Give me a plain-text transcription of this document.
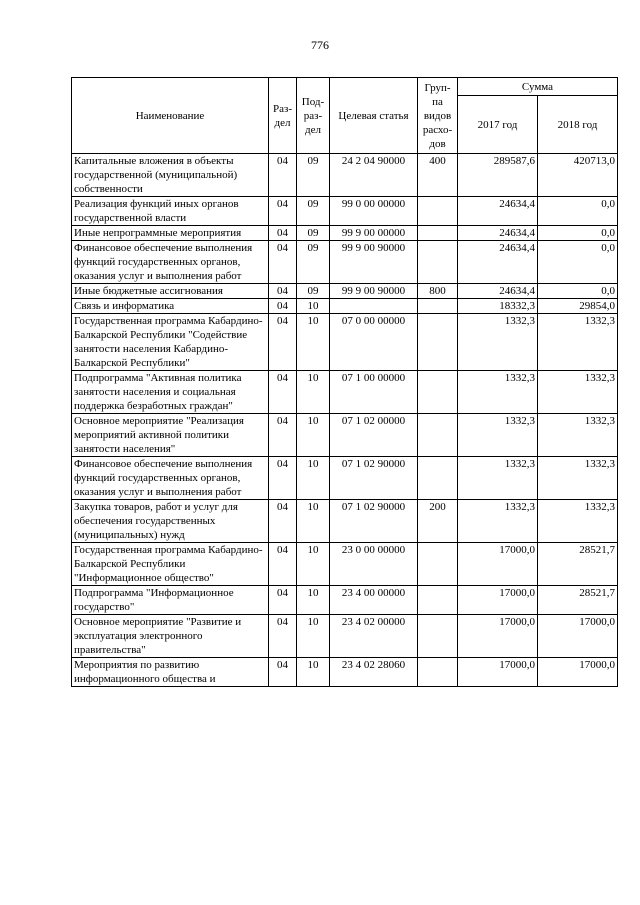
776
Наименование	Раз-дел	Под-раз-дел	Целевая статья	Груп-па видов расхо-дов	Сумма	
					2017 год	2018 год
Капитальные вложения в объекты государственной (муниципальной) собственности	04	09	24 2 04 90000	400	289587,6	420713,0
Реализация функций иных органов государственной власти	04	09	99 0 00 00000		24634,4	0,0
Иные непрограммные мероприятия	04	09	99 9 00 00000		24634,4	0,0
Финансовое обеспечение выполнения функций государственных органов, оказания услуг и выполнения работ	04	09	99 9 00 90000		24634,4	0,0
Иные бюджетные ассигнования	04	09	99 9 00 90000	800	24634,4	0,0
Связь и информатика	04	10			18332,3	29854,0
Государственная программа Кабардино-Балкарской Республики "Содействие занятости населения Кабардино-Балкарской Республики"	04	10	07 0 00 00000		1332,3	1332,3
Подпрограмма "Активная политика занятости населения и социальная поддержка безработных граждан"	04	10	07 1 00 00000		1332,3	1332,3
Основное мероприятие "Реализация мероприятий активной политики занятости населения"	04	10	07 1 02 00000		1332,3	1332,3
Финансовое обеспечение выполнения функций государственных органов, оказания услуг и выполнения работ	04	10	07 1 02 90000		1332,3	1332,3
Закупка товаров, работ и услуг для обеспечения государственных (муниципальных) нужд	04	10	07 1 02 90000	200	1332,3	1332,3
Государственная программа Кабардино-Балкарской Республики "Информационное общество"	04	10	23 0 00 00000		17000,0	28521,7
Подпрограмма "Информационное государство"	04	10	23 4 00 00000		17000,0	28521,7
Основное мероприятие "Развитие и эксплуатация электронного правительства"	04	10	23 4 02 00000		17000,0	17000,0
Мероприятия по развитию информационного общества и	04	10	23 4 02 28060		17000,0	17000,0
